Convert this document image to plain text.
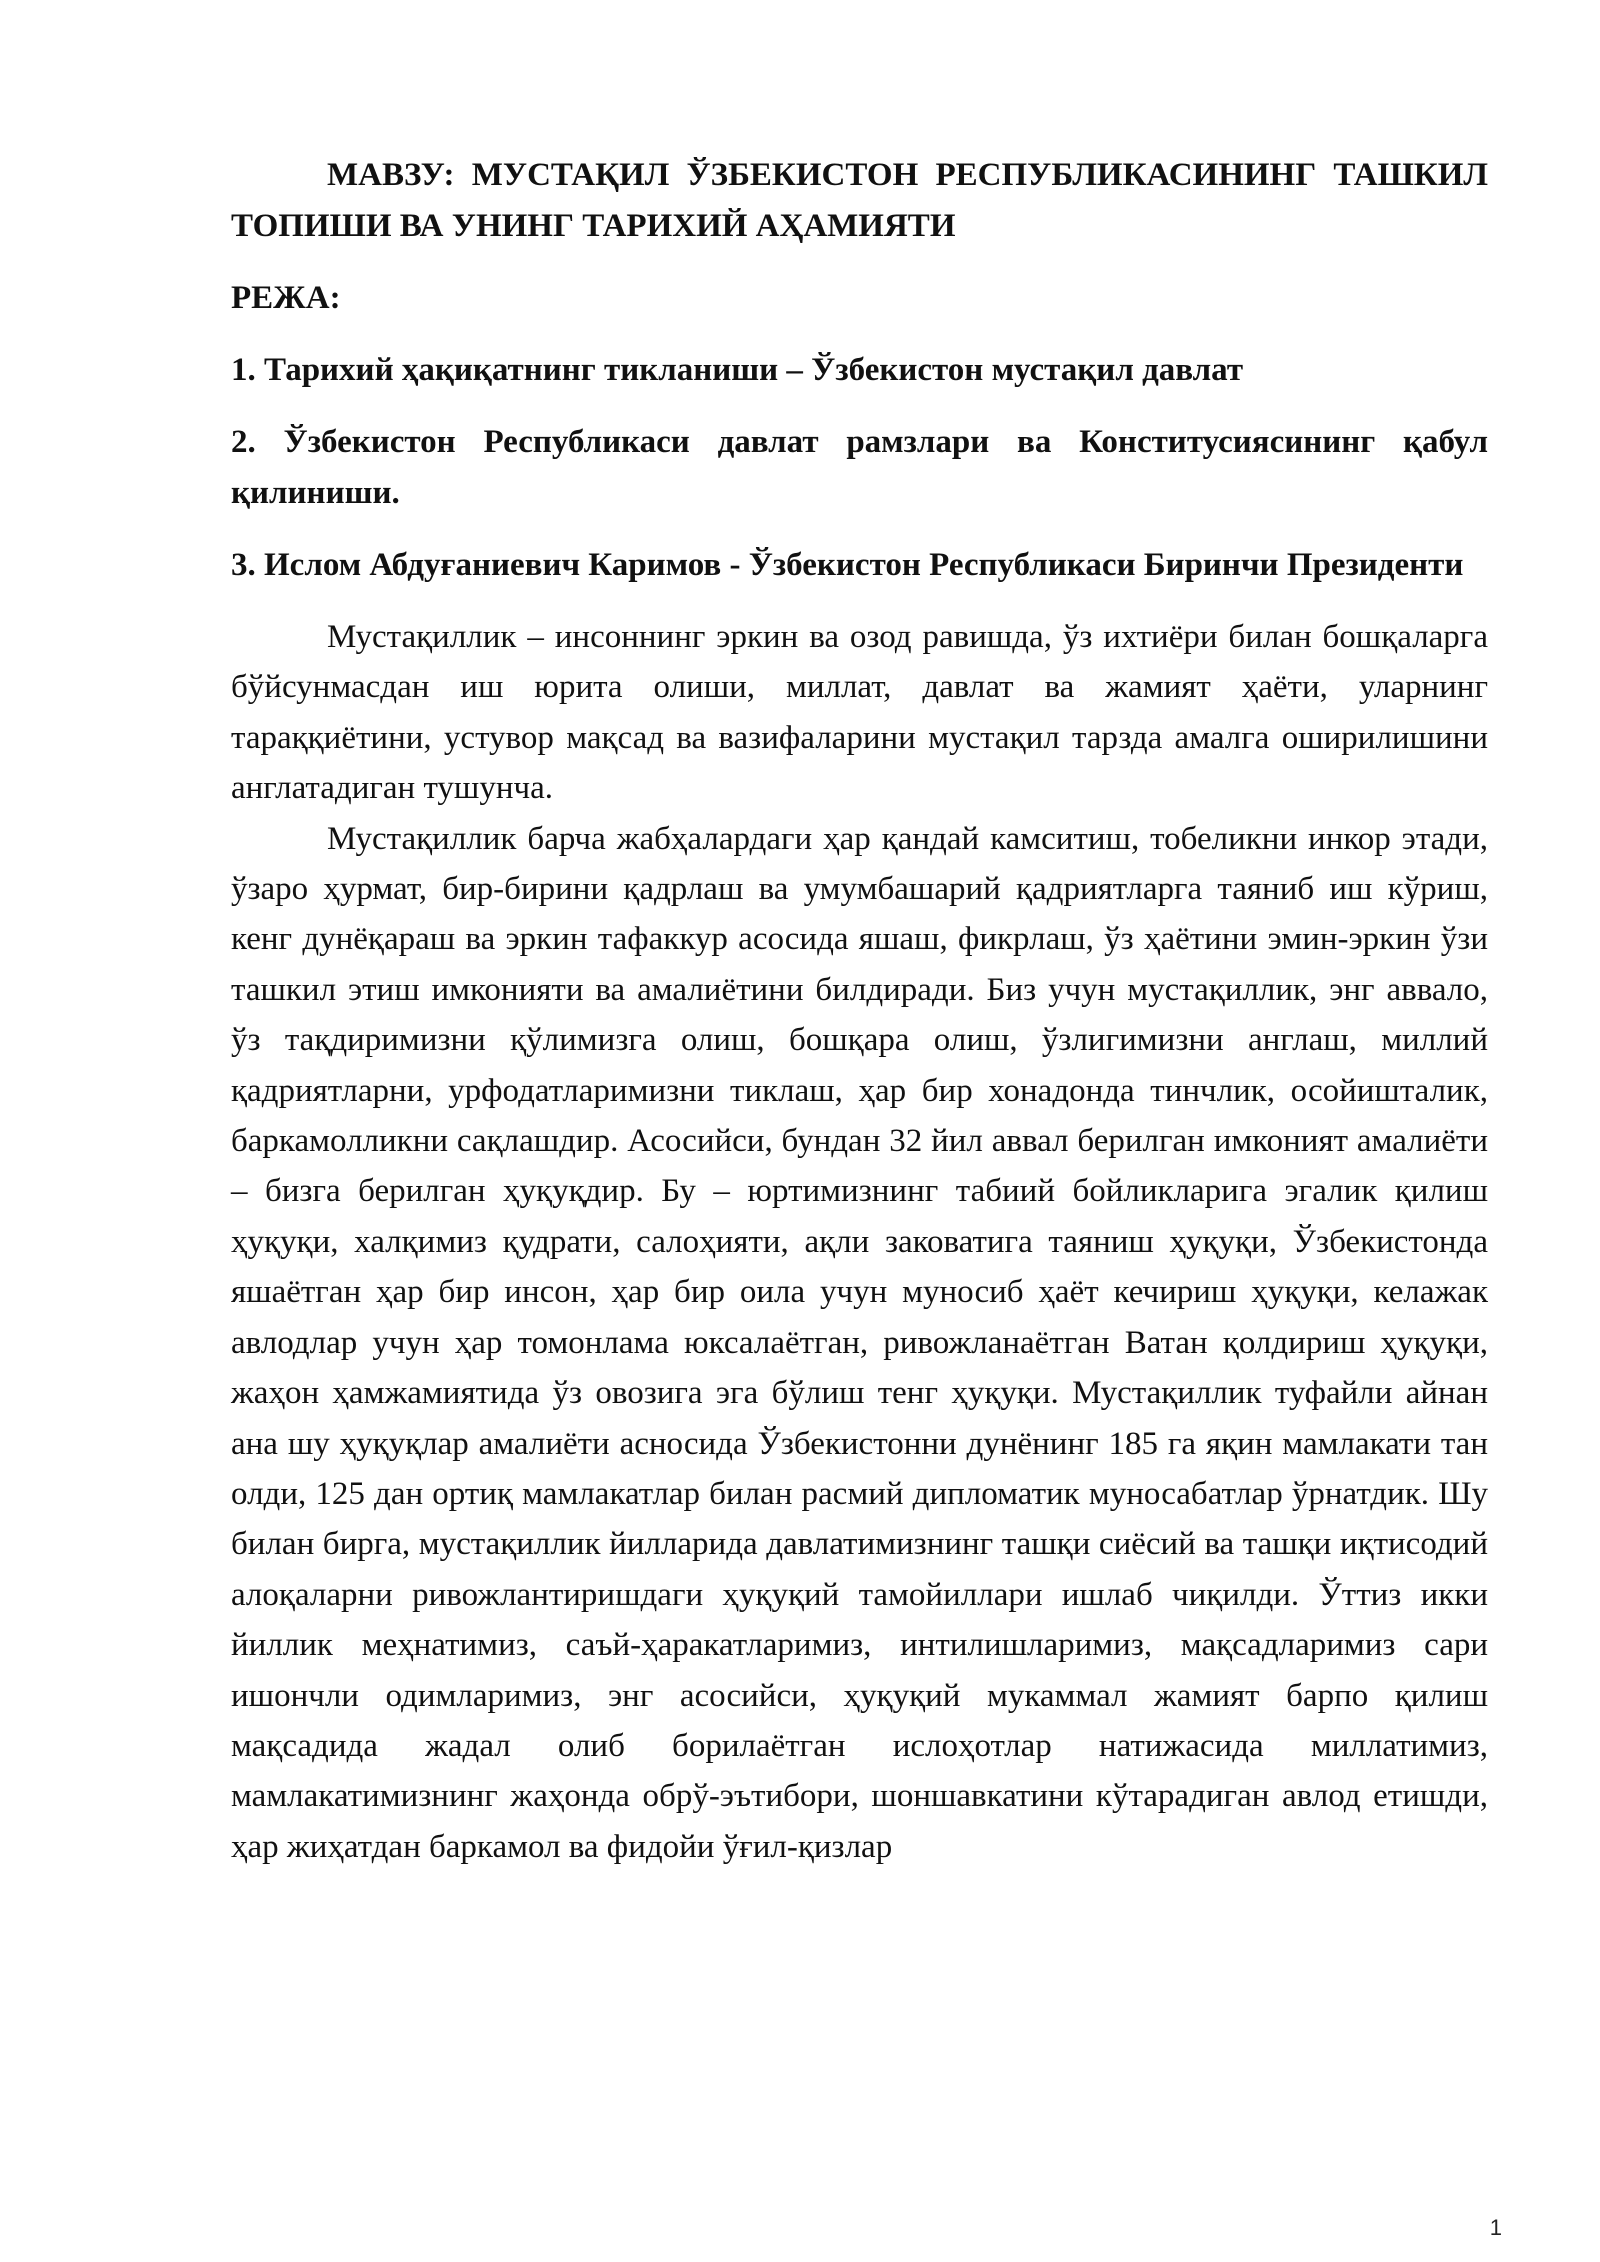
МАВЗУ: МУСТАҚИЛ ЎЗБЕКИСТОН РЕСПУБЛИКАСИНИНГ ТАШКИЛ ТОПИШИ ВА УНИНГ ТАРИХИЙ АҲАМИЯТИ

РЕЖА:

1. Тарихий ҳақиқатнинг тикланиши – Ўзбекистон мустақил давлат

2. Ўзбекистон Республикаси давлат рамзлари ва Конститусиясининг қабул қилиниши.

3. Ислом Абдуғаниевич Каримов - Ўзбекистон Республикаси Биринчи Президенти

Мустақиллик – инсоннинг эркин ва озод равишда, ўз ихтиёри билан бошқаларга бўйсунмасдан иш юрита олиши, миллат, давлат ва жамият ҳаёти, уларнинг тараққиётини, устувор мақсад ва вазифаларини мустақил тарзда амалга оширилишини англатадиган тушунча.

Мустақиллик барча жабҳалардаги ҳар қандай камситиш, тобеликни инкор этади, ўзаро ҳурмат, бир-бирини қадрлаш ва умумбашарий қадриятларга таяниб иш кўриш, кенг дунёқараш ва эркин тафаккур асосида яшаш, фикрлаш, ўз ҳаётини эмин-эркин ўзи ташкил этиш имконияти ва амалиётини билдиради. Биз учун мустақиллик, энг аввало, ўз тақдиримизни қўлимизга олиш, бошқара олиш, ўзлигимизни англаш, миллий қадриятларни, урфодатларимизни тиклаш, ҳар бир хонадонда тинчлик, осойишталик, баркамолликни сақлашдир. Асосийси, бундан 32 йил аввал берилган имконият амалиёти – бизга берилган ҳуқуқдир. Бу – юртимизнинг табиий бойликларига эгалик қилиш ҳуқуқи, халқимиз қудрати, салоҳияти, ақли заковатига таяниш ҳуқуқи, Ўзбекистонда яшаётган ҳар бир инсон, ҳар бир оила учун муносиб ҳаёт кечириш ҳуқуқи, келажак авлодлар учун ҳар томонлама юксалаётган, ривожланаётган Ватан қолдириш ҳуқуқи, жаҳон ҳамжамиятида ўз овозига эга бўлиш тенг ҳуқуқи. Мустақиллик туфайли айнан ана шу ҳуқуқлар амалиёти асносида Ўзбекистонни дунёнинг 185 га яқин мамлакати тан олди, 125 дан ортиқ мамлакатлар билан расмий дипломатик муносабатлар ўрнатдик. Шу билан бирга, мустақиллик йилларида давлатимизнинг ташқи сиёсий ва ташқи иқтисодий алоқаларни ривожлантиришдаги ҳуқуқий тамойиллари ишлаб чиқилди. Ўттиз икки йиллик меҳнатимиз, саъй-ҳаракатларимиз, интилишларимиз, мақсадларимиз сари ишончли одимларимиз, энг асосийси, ҳуқуқий мукаммал жамият барпо қилиш мақсадида жадал олиб борилаётган ислоҳотлар натижасида миллатимиз, мамлакатимизнинг жаҳонда обрў-эътибори, шоншавкатини кўтарадиган авлод етишди, ҳар жиҳатдан баркамол ва фидойи ўғил-қизлар

1
